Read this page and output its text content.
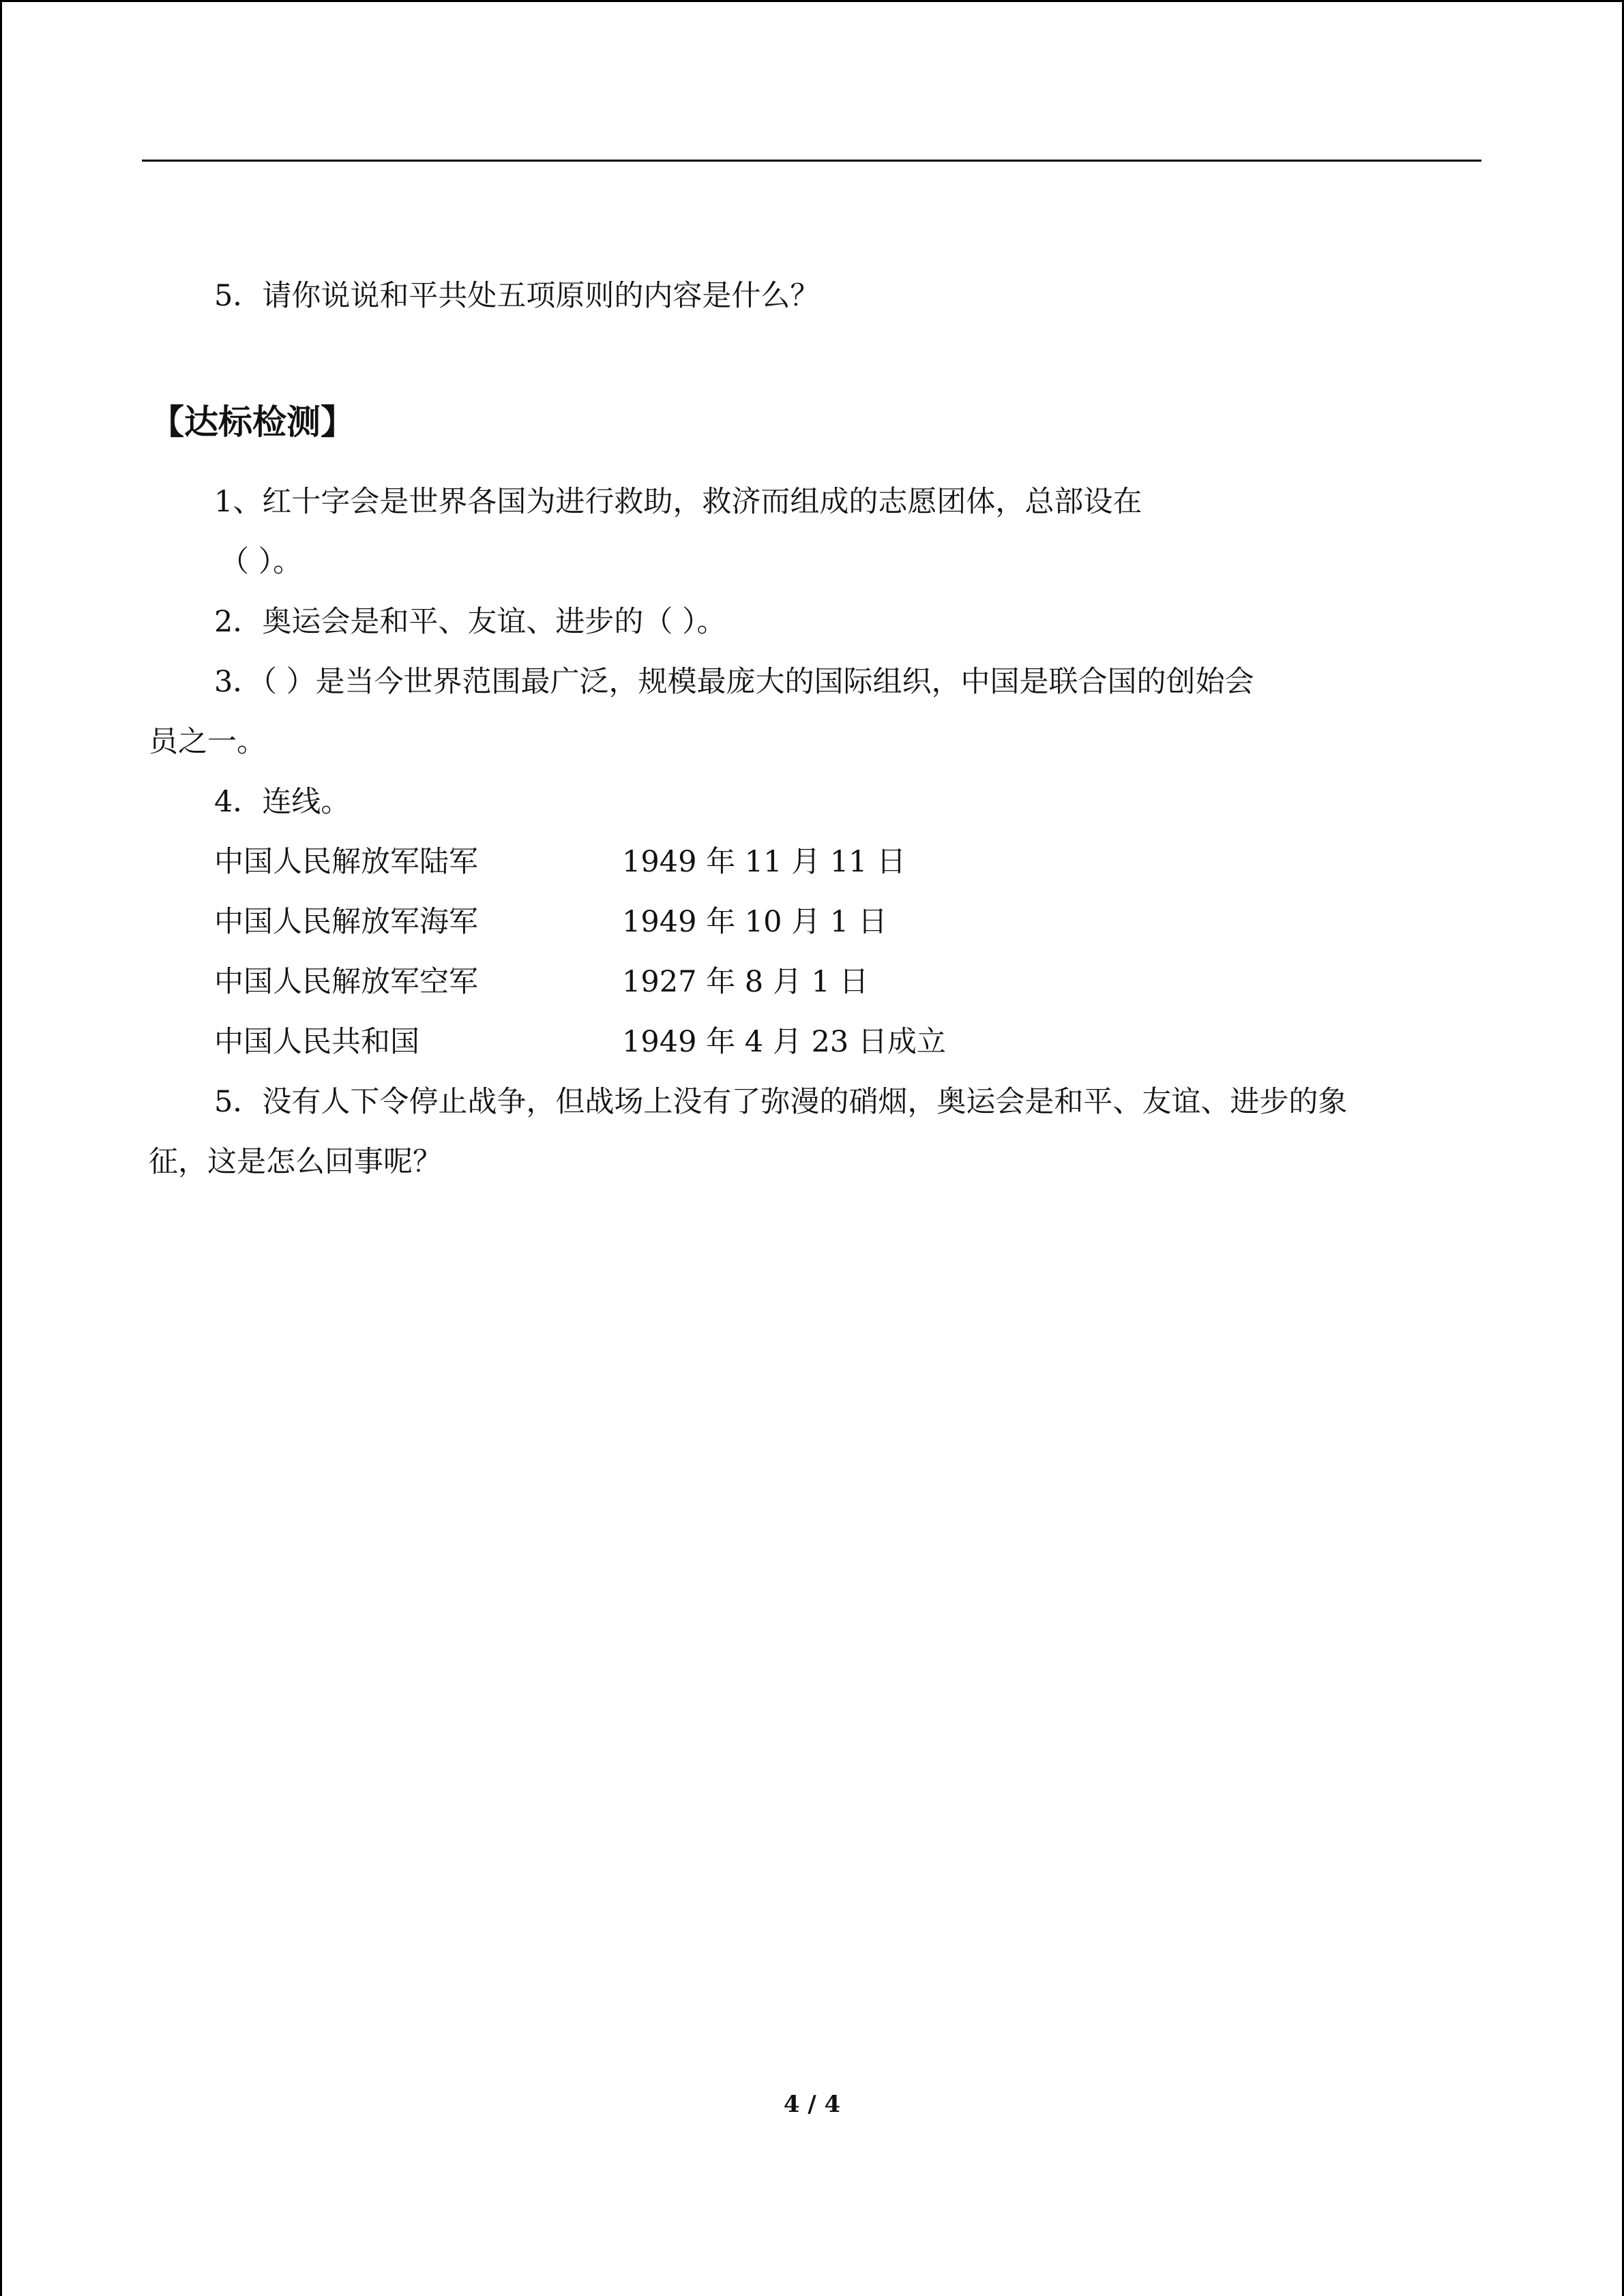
5．请你说说和平共处五项原则的内容是什么？
【达标检测】
1、红十字会是世界各国为进行救助，救济而组成的志愿团体，总部设在
（ ）。
2．奥运会是和平、友谊、进步的（ ）。
3．（ ）是当今世界范围最广泛，规模最庞大的国际组织，中国是联合国的创始会
员之一。
4．连线。
中国人民解放军陆军	1949 年 11 月 11 日
中国人民解放军海军	1949 年 10 月 1 日
中国人民解放军空军	1927 年 8 月 1 日
中国人民共和国	1949 年 4 月 23 日成立
5．没有人下令停止战争，但战场上没有了弥漫的硝烟，奥运会是和平、友谊、进步的象
征，这是怎么回事呢？
4 / 4
